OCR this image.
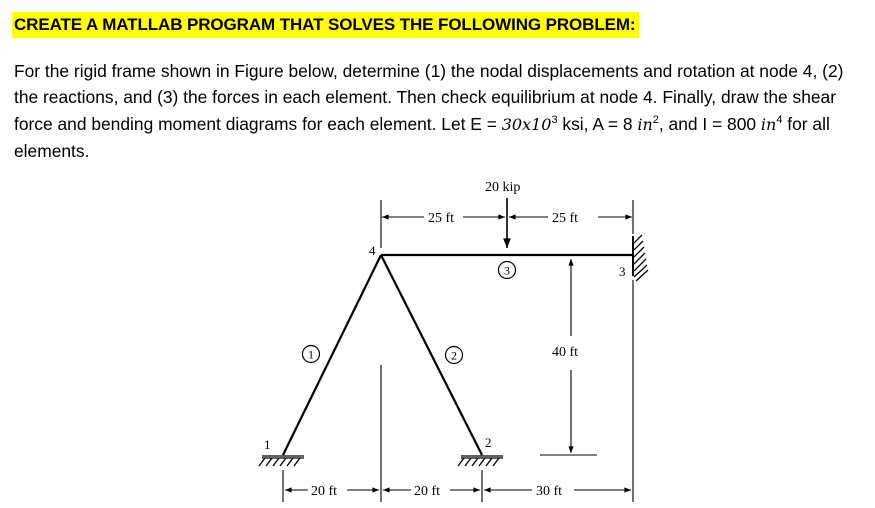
CREATE A MATLLAB PROGRAM THAT SOLVES THE FOLLOWING PROBLEM:
For the rigid frame shown in Figure below, determine (1) the nodal displacements and rotation at node 4, (2) the reactions, and (3) the forces in each element. Then check equilibrium at node 4. Finally, draw the shear force and bending moment diagrams for each element. Let $E = 30x10^3$ ksi, A = 8 $in^2$, and I = 800 $in^4$ for all elements.
20 kip
25 ft	25 ft
40 ft
20 ft	20 ft	30 ft
1	2
3
4
1	2
3
